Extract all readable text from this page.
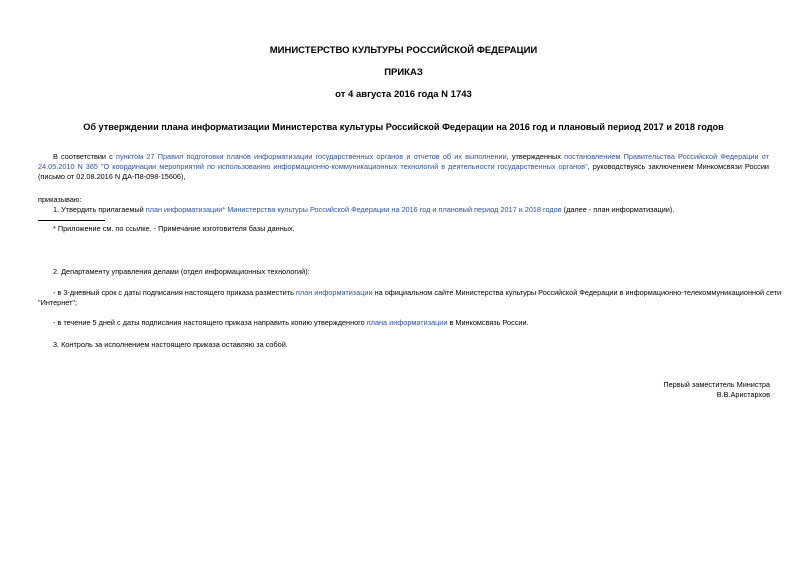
МИНИСТЕРСТВО КУЛЬТУРЫ РОССИЙСКОЙ ФЕДЕРАЦИИ
ПРИКАЗ
от 4 августа 2016 года N 1743
Об утверждении плана информатизации Министерства культуры Российской Федерации на 2016 год и плановый период 2017 и 2018 годов
В соответствии с пунктом 27 Правил подготовки планов информатизации государственных органов и отчетов об их выполнении, утвержденных постановлением Правительства Российской Федерации от
24.05.2010 N 365 "О координации мероприятий по использованию информационно-коммуникационных технологий в деятельности государственных органов", руководствуясь заключением Минкомсвязи России
(письмо от 02.08.2016 N ДА-П8-098-15606),
приказываю:
1. Утвердить прилагаемый план информатизации* Министерства культуры Российской Федерации на 2016 год и плановый период 2017 и 2018 годов (далее - план информатизации).
* Приложение см. по ссылке. - Примечание изготовителя базы данных.
2. Департаменту управления делами (отдел информационных технологий):
- в 3-дневный срок с даты подписания настоящего приказа разместить план информатизации на официальном сайте Министерства культуры Российской Федерации в информационно-телекоммуникационной сети
"Интернет";
- в течение 5 дней с даты подписания настоящего приказа направить копию утвержденного плана информатизации в Минкомсвязь России.
3. Контроль за исполнением настоящего приказа оставляю за собой.
Первый заместитель Министра
В.В.Аристархов
